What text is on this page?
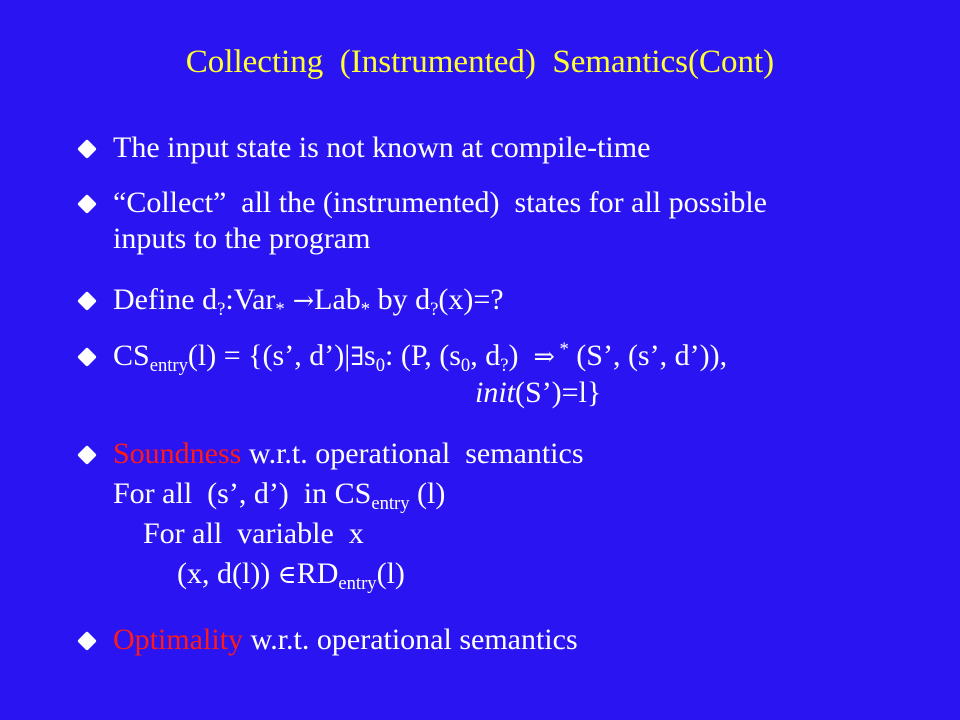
Collecting  (Instrumented)  Semantics(Cont)
The input state is not known at compile-time
“Collect”  all the (instrumented)  states for all possible
inputs to the program
Define $d_?:Var_* \to Lab_*$ by $d_?(x)=$?
$CS_{entry}(l) = \{(s$’, $d’)|\exists s_0$: (P, ($s_0$, $d_?$)  ⇒ * (S’, (s’, d’)),
init(S’)=l}
Soundness w.r.t. operational  semantics
For all  (s’, d’)  in $CS_{entry}$ (l)
For all  variable  x
(x, d(l)) $\in RD_{entry}(l)$
Optimality w.r.t. operational semantics
